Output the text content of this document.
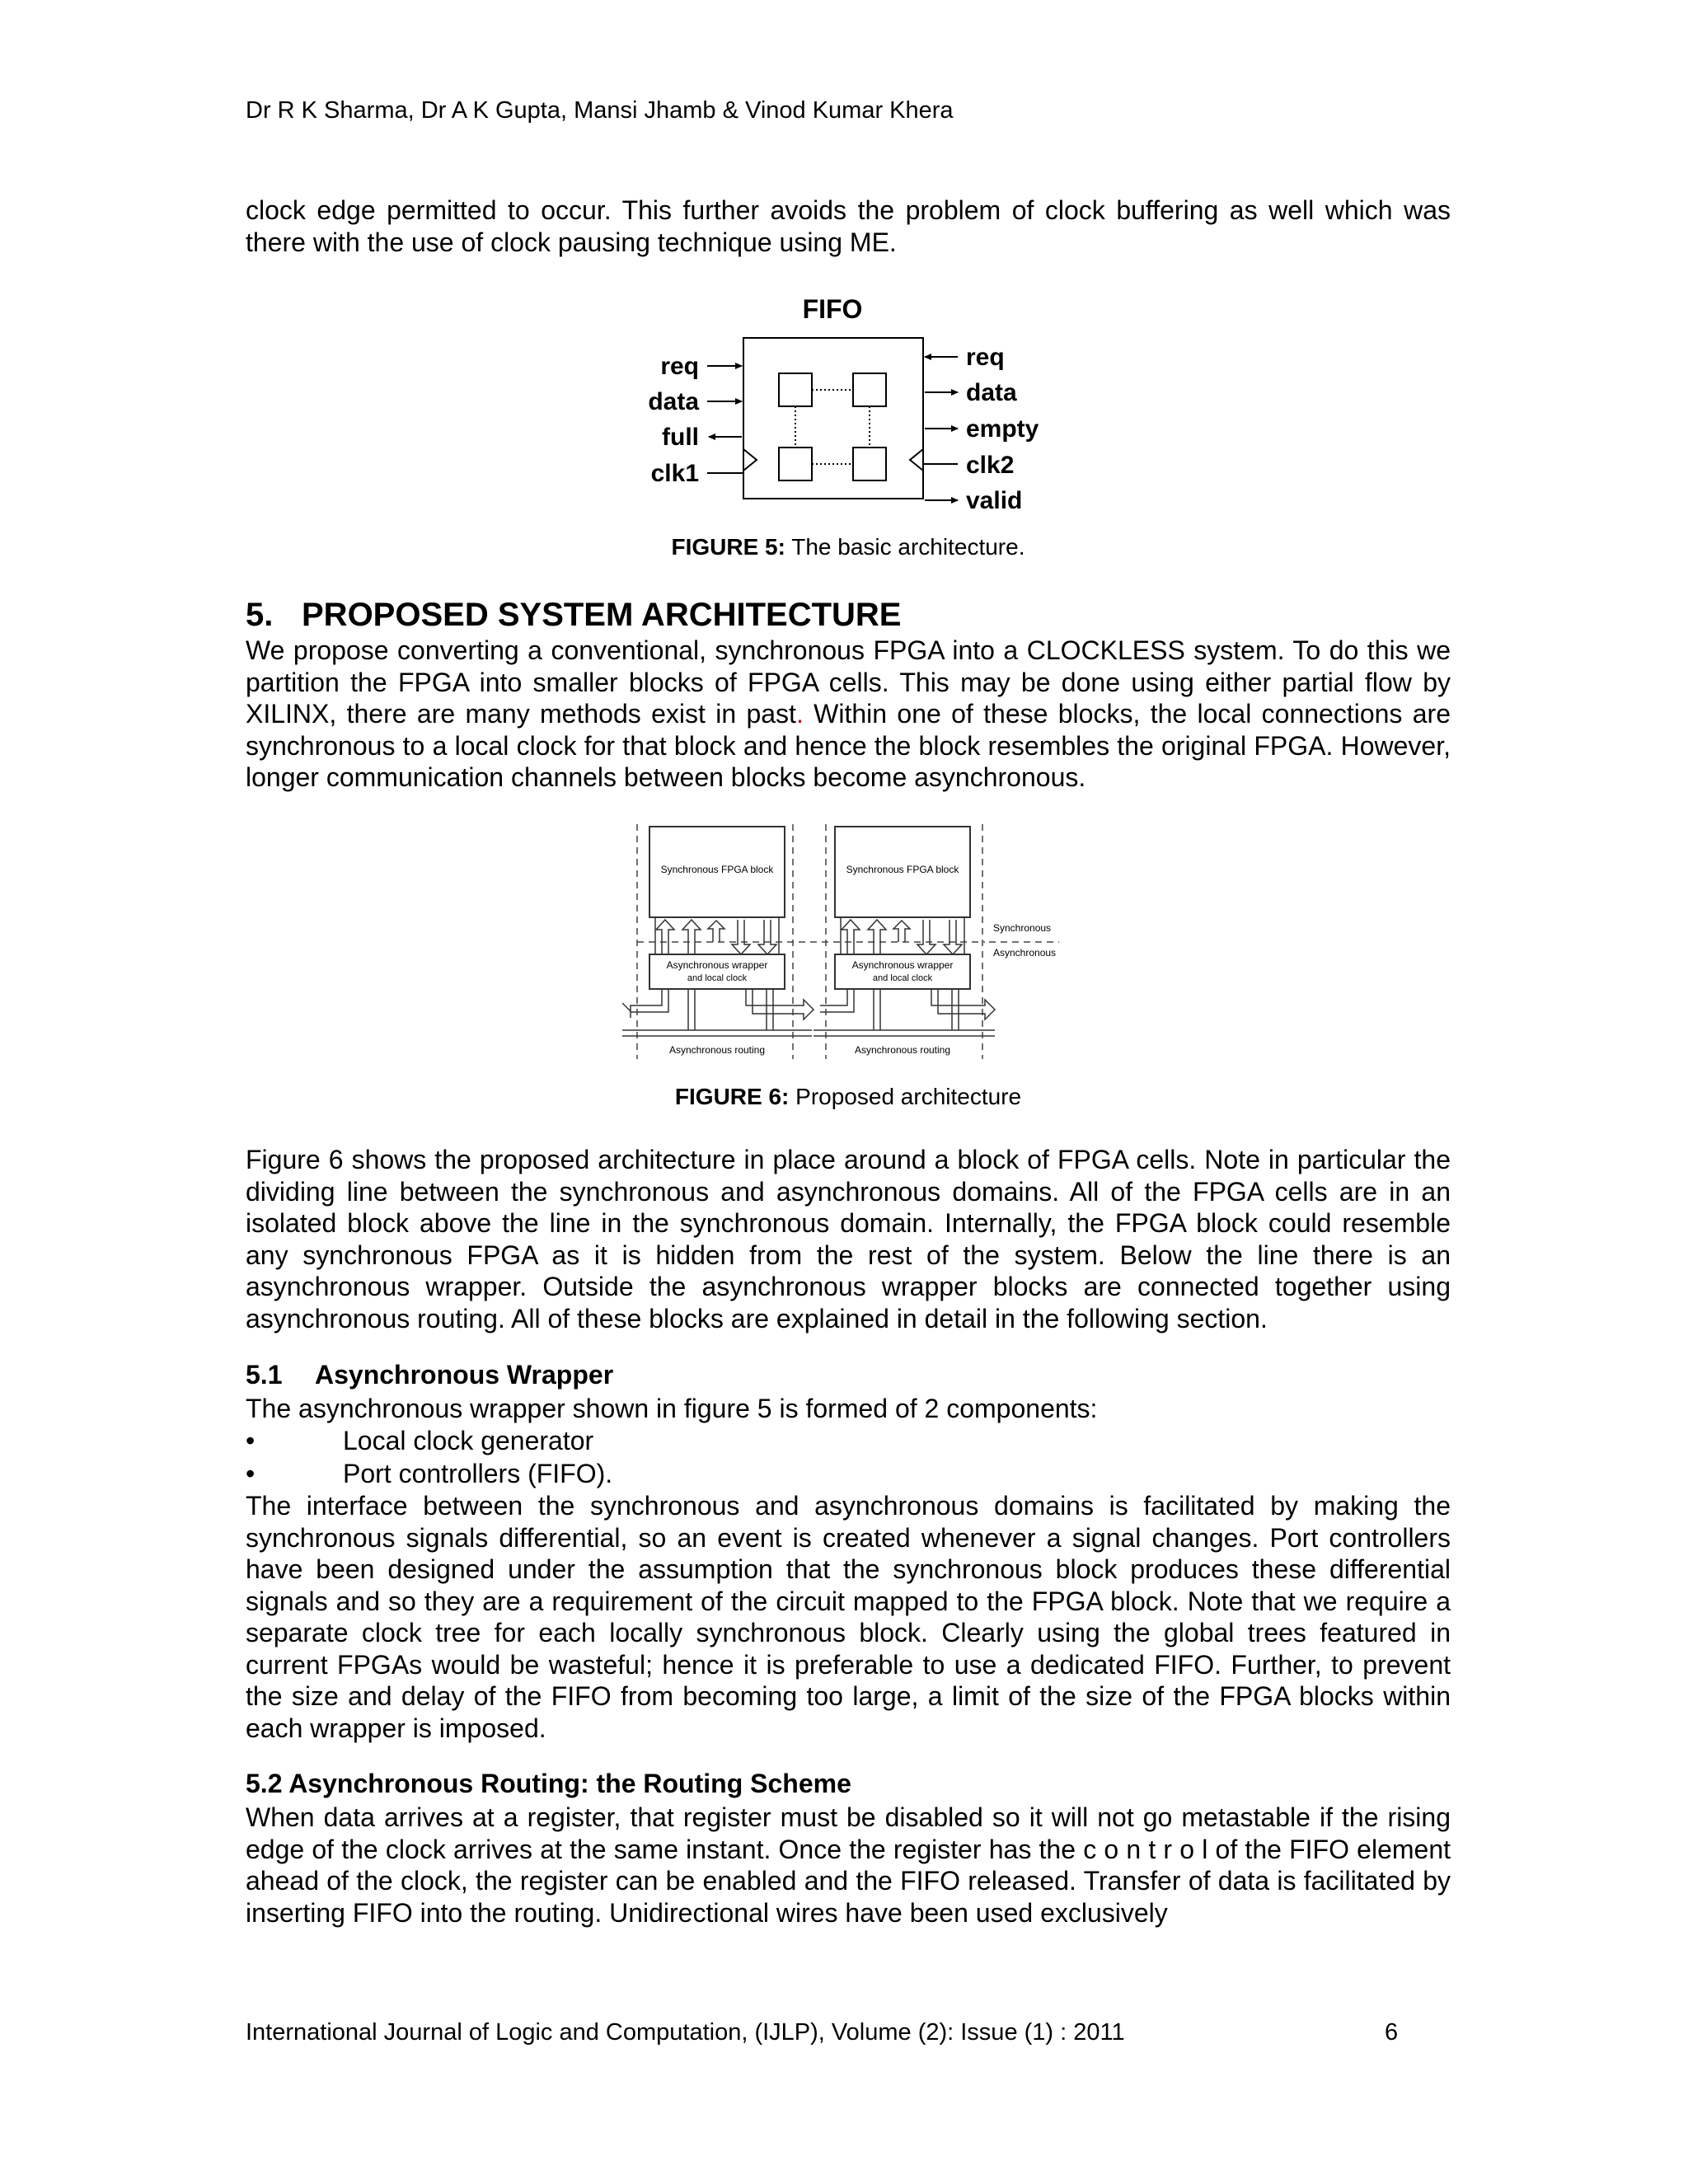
Dr R K Sharma, Dr A K Gupta, Mansi Jhamb & Vinod Kumar Khera

clock edge permitted to occur. This further avoids the problem of clock buffering as well which was there with the use of clock pausing technique using ME.

FIFO
req
data
full
clk1
req
data
empty
clk2
valid
FIGURE 5: The basic architecture.
5. PROPOSED SYSTEM ARCHITECTURE

We propose converting a conventional, synchronous FPGA into a CLOCKLESS system. To do this we partition the FPGA into smaller blocks of FPGA cells. This may be done using either partial flow by XILINX, there are many methods exist in past. Within one of these blocks, the local connections are synchronous to a local clock for that block and hence the block resembles the original FPGA. However, longer communication channels between blocks become asynchronous.

Synchronous FPGA block
Asynchronous wrapper
and local clock
Asynchronous routing
Synchronous FPGA block
Asynchronous wrapper
and local clock
Asynchronous routing
Synchronous
Asynchronous
FIGURE 6: Proposed architecture

Figure 6 shows the proposed architecture in place around a block of FPGA cells. Note in particular the dividing line between the synchronous and asynchronous domains. All of the FPGA cells are in an isolated block above the line in the synchronous domain. Internally, the FPGA block could resemble any synchronous FPGA as it is hidden from the rest of the system. Below the line there is an asynchronous wrapper. Outside the asynchronous wrapper blocks are connected together using asynchronous routing. All of these blocks are explained in detail in the following section.

5.1 Asynchronous Wrapper

The asynchronous wrapper shown in figure 5 is formed of 2 components:

•	Local clock generator
•	Port controllers (FIFO).

The interface between the synchronous and asynchronous domains is facilitated by making the synchronous signals differential, so an event is created whenever a signal changes. Port controllers have been designed under the assumption that the synchronous block produces these differential signals and so they are a requirement of the circuit mapped to the FPGA block. Note that we require a separate clock tree for each locally synchronous block. Clearly using the global trees featured in current FPGAs would be wasteful; hence it is preferable to use a dedicated FIFO. Further, to prevent the size and delay of the FIFO from becoming too large, a limit of the size of the FPGA blocks within each wrapper is imposed.

5.2 Asynchronous Routing: the Routing Scheme

When data arrives at a register, that register must be disabled so it will not go metastable if the rising edge of the clock arrives at the same instant. Once the register has the c o n t r o l of the FIFO element ahead of the clock, the register can be enabled and the FIFO released. Transfer of data is facilitated by inserting FIFO into the routing. Unidirectional wires have been used exclusively

International Journal of Logic and Computation, (IJLP), Volume (2): Issue (1) : 2011	6
